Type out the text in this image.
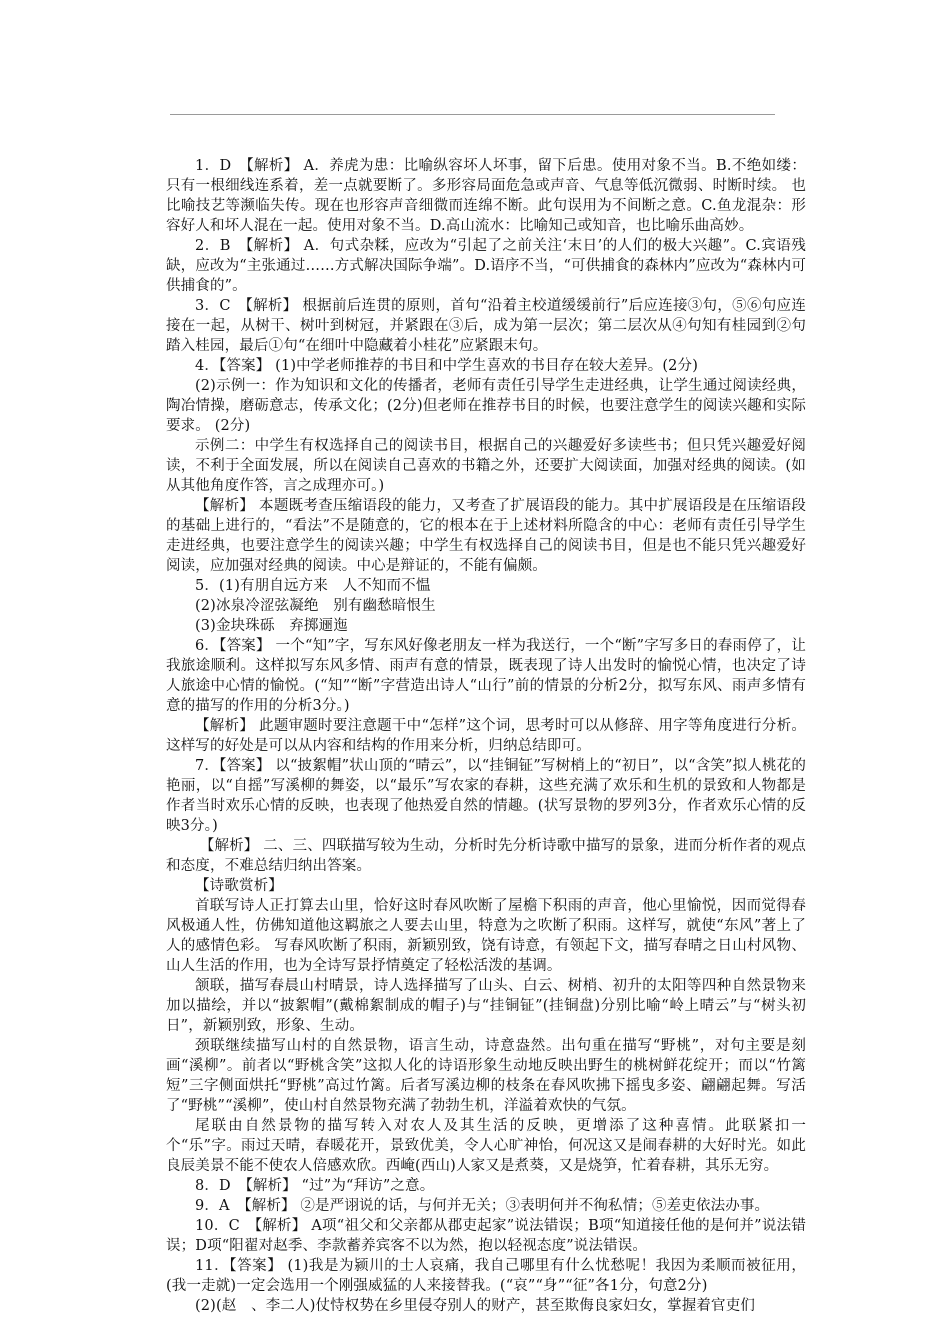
1．D　【解析】 A．养虎为患：比喻纵容坏人坏事，留下后患。使用对象不当。B.不绝如缕：只有一根细线连系着，差一点就要断了。多形容局面危急或声音、气息等低沉微弱、时断时续。 也比喻技艺等濒临失传。现在也形容声音细微而连绵不断。此句误用为不间断之意。C.鱼龙混杂：形容好人和坏人混在一起。使用对象不当。D.高山流水：比喻知己或知音，也比喻乐曲高妙。

2．B　【解析】 A．句式杂糅，应改为“引起了之前关注‘末日’的人们的极大兴趣”。C.宾语残缺，应改为“主张通过……方式解决国际争端”。D.语序不当，“可供捕食的森林内”应改为“森林内可供捕食的”。

3．C　【解析】 根据前后连贯的原则，首句“沿着主校道缓缓前行”后应连接③句，⑤⑥句应连接在一起，从树干、树叶到树冠，并紧跟在③后，成为第一层次；第二层次从④句知有桂园到②句踏入桂园，最后①句“在细叶中隐藏着小桂花”应紧跟末句。

4．【答案】 (1)中学老师推荐的书目和中学生喜欢的书目存在较大差异。(2分)

(2)示例一：作为知识和文化的传播者，老师有责任引导学生走进经典，让学生通过阅读经典，陶冶情操，磨砺意志，传承文化；(2分)但老师在推荐书目的时候，也要注意学生的阅读兴趣和实际要求。 (2分)

示例二：中学生有权选择自己的阅读书目，根据自己的兴趣爱好多读些书；但只凭兴趣爱好阅读，不利于全面发展，所以在阅读自己喜欢的书籍之外，还要扩大阅读面，加强对经典的阅读。(如从其他角度作答，言之成理亦可。)

【解析】 本题既考查压缩语段的能力，又考查了扩展语段的能力。其中扩展语段是在压缩语段的基础上进行的，“看法”不是随意的，它的根本在于上述材料所隐含的中心：老师有责任引导学生走进经典，也要注意学生的阅读兴趣；中学生有权选择自己的阅读书目，但是也不能只凭兴趣爱好阅读，应加强对经典的阅读。中心是辩证的，不能有偏颇。

5．(1)有朋自远方来　人不知而不愠

(2)冰泉冷涩弦凝绝　别有幽愁暗恨生

(3)金块珠砾　弃掷逦迤

6．【答案】 一个“知”字，写东风好像老朋友一样为我送行，一个“断”字写多日的春雨停了，让我旅途顺利。这样拟写东风多情、雨声有意的情景，既表现了诗人出发时的愉悦心情，也决定了诗人旅途中心情的愉悦。(“知”“断”字营造出诗人“山行”前的情景的分析2分，拟写东风、雨声多情有意的描写的作用的分析3分。)

【解析】 此题审题时要注意题干中“怎样”这个词，思考时可以从修辞、用字等角度进行分析。这样写的好处是可以从内容和结构的作用来分析，归纳总结即可。

7．【答案】 以“披絮帽”状山顶的“晴云”，以“挂铜钲”写树梢上的“初日”，以“含笑”拟人桃花的艳丽，以“自摇”写溪柳的舞姿，以“最乐”写农家的春耕，这些充满了欢乐和生机的景致和人物都是作者当时欢乐心情的反映，也表现了他热爱自然的情趣。(状写景物的罗列3分，作者欢乐心情的反映3分。)

【解析】 二、三、四联描写较为生动，分析时先分析诗歌中描写的景象，进而分析作者的观点和态度，不难总结归纳出答案。

【诗歌赏析】

首联写诗人正打算去山里，恰好这时春风吹断了屋檐下积雨的声音，他心里愉悦，因而觉得春风极通人性，仿佛知道他这羁旅之人要去山里，特意为之吹断了积雨。这样写，就使“东风”著上了人的感情色彩。 写春风吹断了积雨，新颖别致，饶有诗意，有领起下文，描写春晴之日山村风物、山人生活的作用，也为全诗写景抒情奠定了轻松活泼的基调。

颔联，描写春晨山村晴景，诗人选择描写了山头、白云、树梢、初升的太阳等四种自然景物来加以描绘，并以“披絮帽”(戴棉絮制成的帽子)与“挂铜钲”(挂铜盘)分别比喻“岭上晴云”与“树头初日”，新颖别致，形象、生动。

颈联继续描写山村的自然景物，语言生动，诗意盎然。出句重在描写“野桃”，对句主要是刻画“溪柳”。前者以“野桃含笑”这拟人化的诗语形象生动地反映出野生的桃树鲜花绽开；而以“竹篱短”三字侧面烘托“野桃”高过竹篱。后者写溪边柳的枝条在春风吹拂下摇曳多姿、翩翩起舞。写活了“野桃”“溪柳”，使山村自然景物充满了勃勃生机，洋溢着欢快的气氛。

尾联由自然景物的描写转入对农人及其生活的反映，更增添了这种喜情。此联紧扣一个“乐”字。雨过天晴，春暖花开，景致优美，令人心旷神怡，何况这又是闹春耕的大好时光。如此良辰美景不能不使农人倍感欢欣。西崦(西山)人家又是煮葵，又是烧笋，忙着春耕，其乐无穷。

8．D　【解析】 “过”为“拜访”之意。

9．A　【解析】 ②是严诩说的话，与何并无关；③表明何并不徇私情；⑤差吏依法办事。

10．C　【解析】 A项“祖父和父亲都从郡吏起家”说法错误；B项“知道接任他的是何并”说法错误；D项“阳翟对赵季、李款蓄养宾客不以为然，抱以轻视态度”说法错误。

11．【答案】 (1)我是为颍川的士人哀痛，我自己哪里有什么忧愁呢！我因为柔顺而被征用，(我一走就)一定会选用一个刚强威猛的人来接替我。(“哀”“身”“征”各1分，句意2分)

(2)(赵　、李二人)仗恃权势在乡里侵夺别人的财产，甚至欺侮良家妇女，掌握着官吏们
